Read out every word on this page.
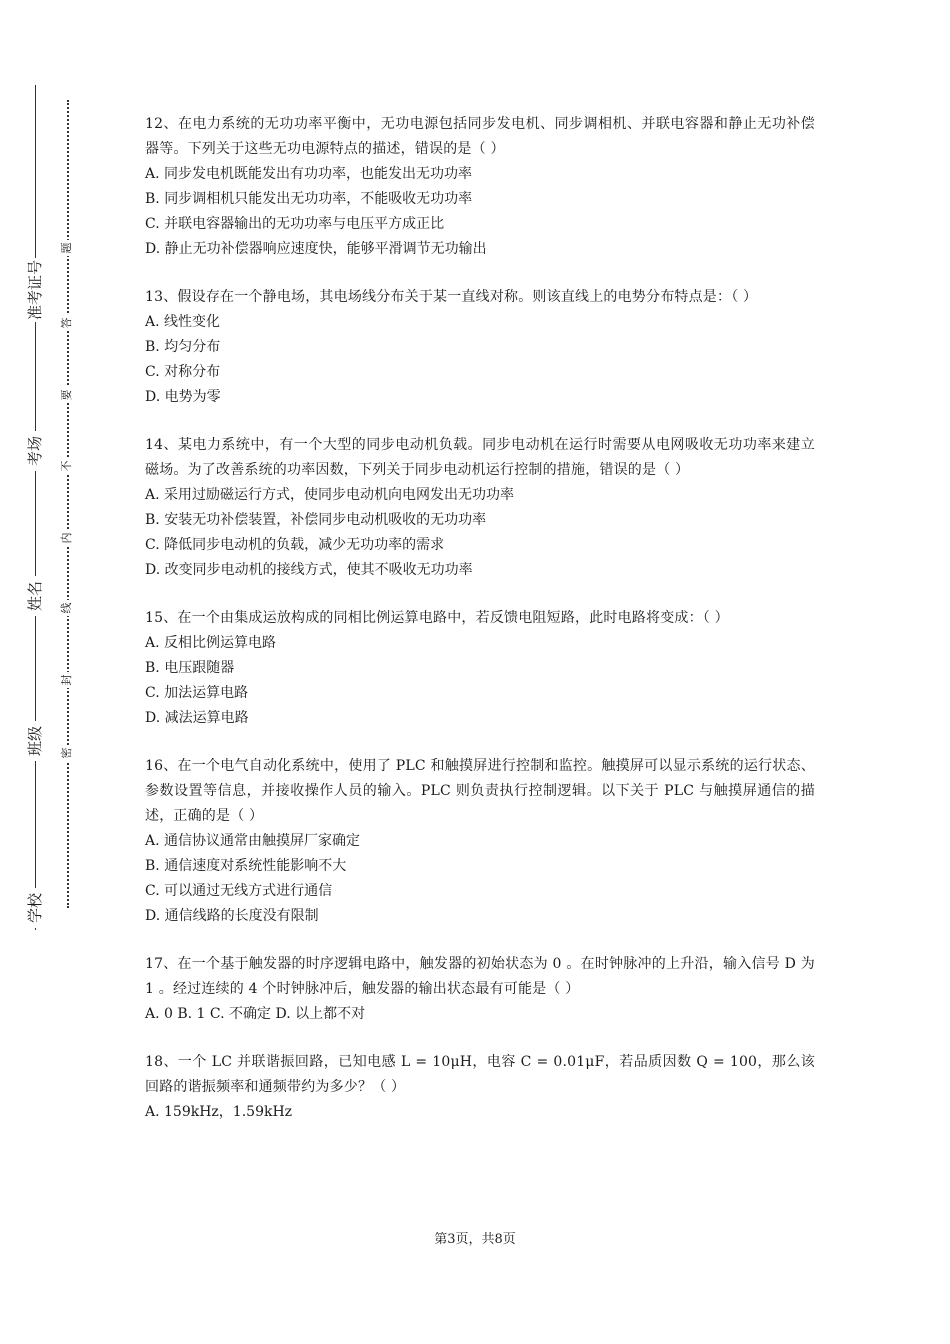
学校
班级
姓名
考场
准考证号
题
答
要
不
内
线
封
密

12、在电力系统的无功功率平衡中，无功电源包括同步发电机、同步调相机、并联电容器和静止无功补偿器等。下列关于这些无功电源特点的描述，错误的是（ ）

A. 同步发电机既能发出有功功率，也能发出无功功率

B. 同步调相机只能发出无功功率，不能吸收无功功率

C. 并联电容器输出的无功功率与电压平方成正比

D. 静止无功补偿器响应速度快，能够平滑调节无功输出

13、假设存在一个静电场，其电场线分布关于某一直线对称。则该直线上的电势分布特点是：（ ）

A. 线性变化

B. 均匀分布

C. 对称分布

D. 电势为零

14、某电力系统中，有一个大型的同步电动机负载。同步电动机在运行时需要从电网吸收无功功率来建立磁场。为了改善系统的功率因数，下列关于同步电动机运行控制的措施，错误的是（ ）

A. 采用过励磁运行方式，使同步电动机向电网发出无功功率

B. 安装无功补偿装置，补偿同步电动机吸收的无功功率

C. 降低同步电动机的负载，减少无功功率的需求

D. 改变同步电动机的接线方式，使其不吸收无功功率

15、在一个由集成运放构成的同相比例运算电路中，若反馈电阻短路，此时电路将变成：（ ）

A. 反相比例运算电路

B. 电压跟随器

C. 加法运算电路

D. 减法运算电路

16、在一个电气自动化系统中，使用了 PLC 和触摸屏进行控制和监控。触摸屏可以显示系统的运行状态、参数设置等信息，并接收操作人员的输入。PLC 则负责执行控制逻辑。以下关于 PLC 与触摸屏通信的描述，正确的是（ ）

A. 通信协议通常由触摸屏厂家确定

B. 通信速度对系统性能影响不大

C. 可以通过无线方式进行通信

D. 通信线路的长度没有限制

17、在一个基于触发器的时序逻辑电路中，触发器的初始状态为 0 。在时钟脉冲的上升沿，输入信号 D 为 1 。经过连续的 4 个时钟脉冲后，触发器的输出状态最有可能是（ ）

A. 0 B. 1 C. 不确定 D. 以上都不对

18、一个 LC 并联谐振回路，已知电感 L = 10μH，电容 C = 0.01μF，若品质因数 Q = 100，那么该回路的谐振频率和通频带约为多少？（ ）

A. 159kHz，1.59kHz

第3页，共8页
